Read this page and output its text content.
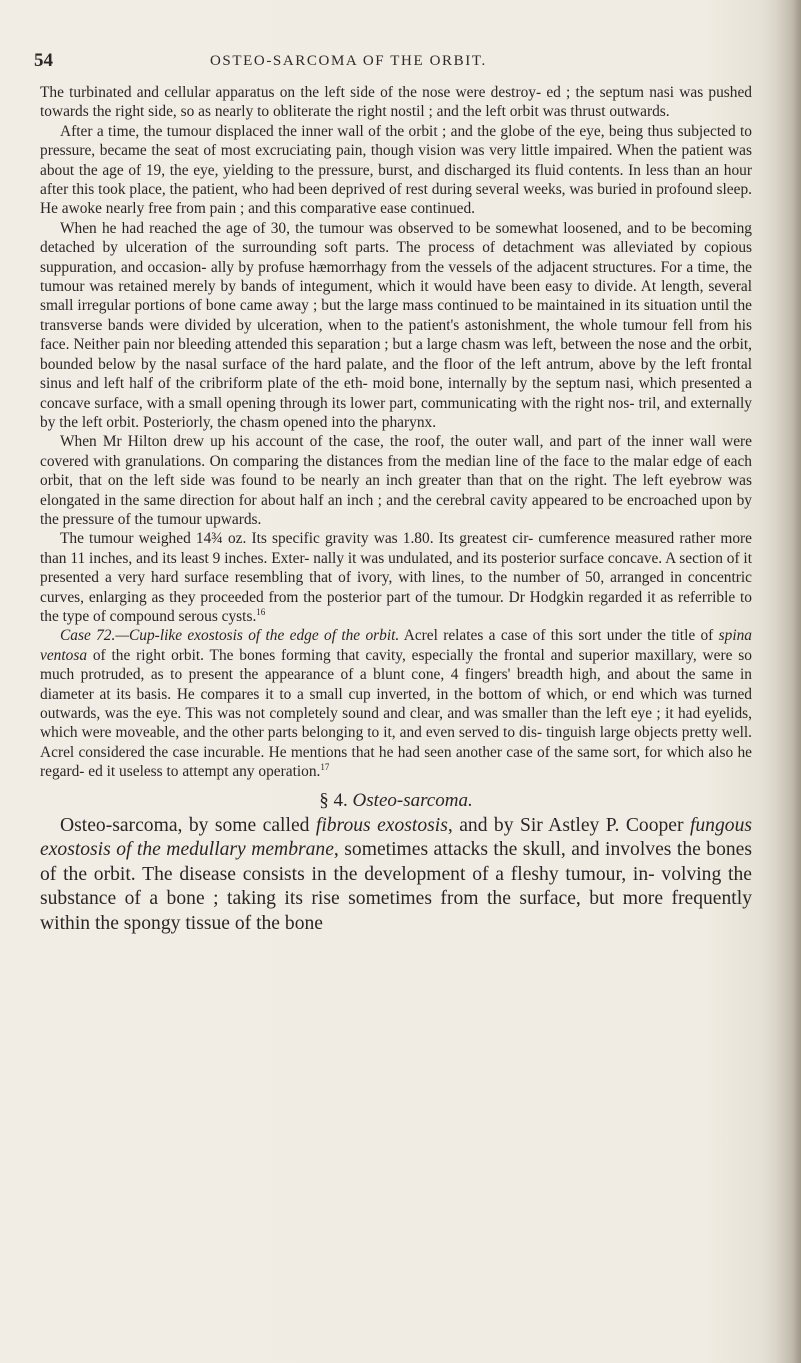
54	OSTEO-SARCOMA OF THE ORBIT.

The turbinated and cellular apparatus on the left side of the nose were destroy- ed ; the septum nasi was pushed towards the right side, so as nearly to obliterate the right nostil ; and the left orbit was thrust outwards.

After a time, the tumour displaced the inner wall of the orbit ; and the globe of the eye, being thus subjected to pressure, became the seat of most excruciating pain, though vision was very little impaired. When the patient was about the age of 19, the eye, yielding to the pressure, burst, and discharged its fluid contents. In less than an hour after this took place, the patient, who had been deprived of rest during several weeks, was buried in profound sleep. He awoke nearly free from pain ; and this comparative ease continued.

When he had reached the age of 30, the tumour was observed to be somewhat loosened, and to be becoming detached by ulceration of the surrounding soft parts. The process of detachment was alleviated by copious suppuration, and occasion- ally by profuse hæmorrhagy from the vessels of the adjacent structures. For a time, the tumour was retained merely by bands of integument, which it would have been easy to divide. At length, several small irregular portions of bone came away ; but the large mass continued to be maintained in its situation until the transverse bands were divided by ulceration, when to the patient's astonishment, the whole tumour fell from his face. Neither pain nor bleeding attended this separation ; but a large chasm was left, between the nose and the orbit, bounded below by the nasal surface of the hard palate, and the floor of the left antrum, above by the left frontal sinus and left half of the cribriform plate of the eth- moid bone, internally by the septum nasi, which presented a concave surface, with a small opening through its lower part, communicating with the right nos- tril, and externally by the left orbit. Posteriorly, the chasm opened into the pharynx.

When Mr Hilton drew up his account of the case, the roof, the outer wall, and part of the inner wall were covered with granulations. On comparing the distances from the median line of the face to the malar edge of each orbit, that on the left side was found to be nearly an inch greater than that on the right. The left eyebrow was elongated in the same direction for about half an inch ; and the cerebral cavity appeared to be encroached upon by the pressure of the tumour upwards.

The tumour weighed 14¾ oz. Its specific gravity was 1.80. Its greatest cir- cumference measured rather more than 11 inches, and its least 9 inches. Exter- nally it was undulated, and its posterior surface concave. A section of it presented a very hard surface resembling that of ivory, with lines, to the number of 50, arranged in concentric curves, enlarging as they proceeded from the posterior part of the tumour. Dr Hodgkin regarded it as referrible to the type of compound serous cysts.$^{16}$

Case 72.—Cup-like exostosis of the edge of the orbit. Acrel relates a case of this sort under the title of spina ventosa of the right orbit. The bones forming that cavity, especially the frontal and superior maxillary, were so much protruded, as to present the appearance of a blunt cone, 4 fingers' breadth high, and about the same in diameter at its basis. He compares it to a small cup inverted, in the bottom of which, or end which was turned outwards, was the eye. This was not completely sound and clear, and was smaller than the left eye ; it had eyelids, which were moveable, and the other parts belonging to it, and even served to dis- tinguish large objects pretty well. Acrel considered the case incurable. He mentions that he had seen another case of the same sort, for which also he regard- ed it useless to attempt any operation.$^{17}$

§ 4. Osteo-sarcoma.

Osteo-sarcoma, by some called fibrous exostosis, and by Sir Astley P. Cooper fungous exostosis of the medullary membrane, sometimes attacks the skull, and involves the bones of the orbit. The disease consists in the development of a fleshy tumour, in- volving the substance of a bone ; taking its rise sometimes from the surface, but more frequently within the spongy tissue of the bone
